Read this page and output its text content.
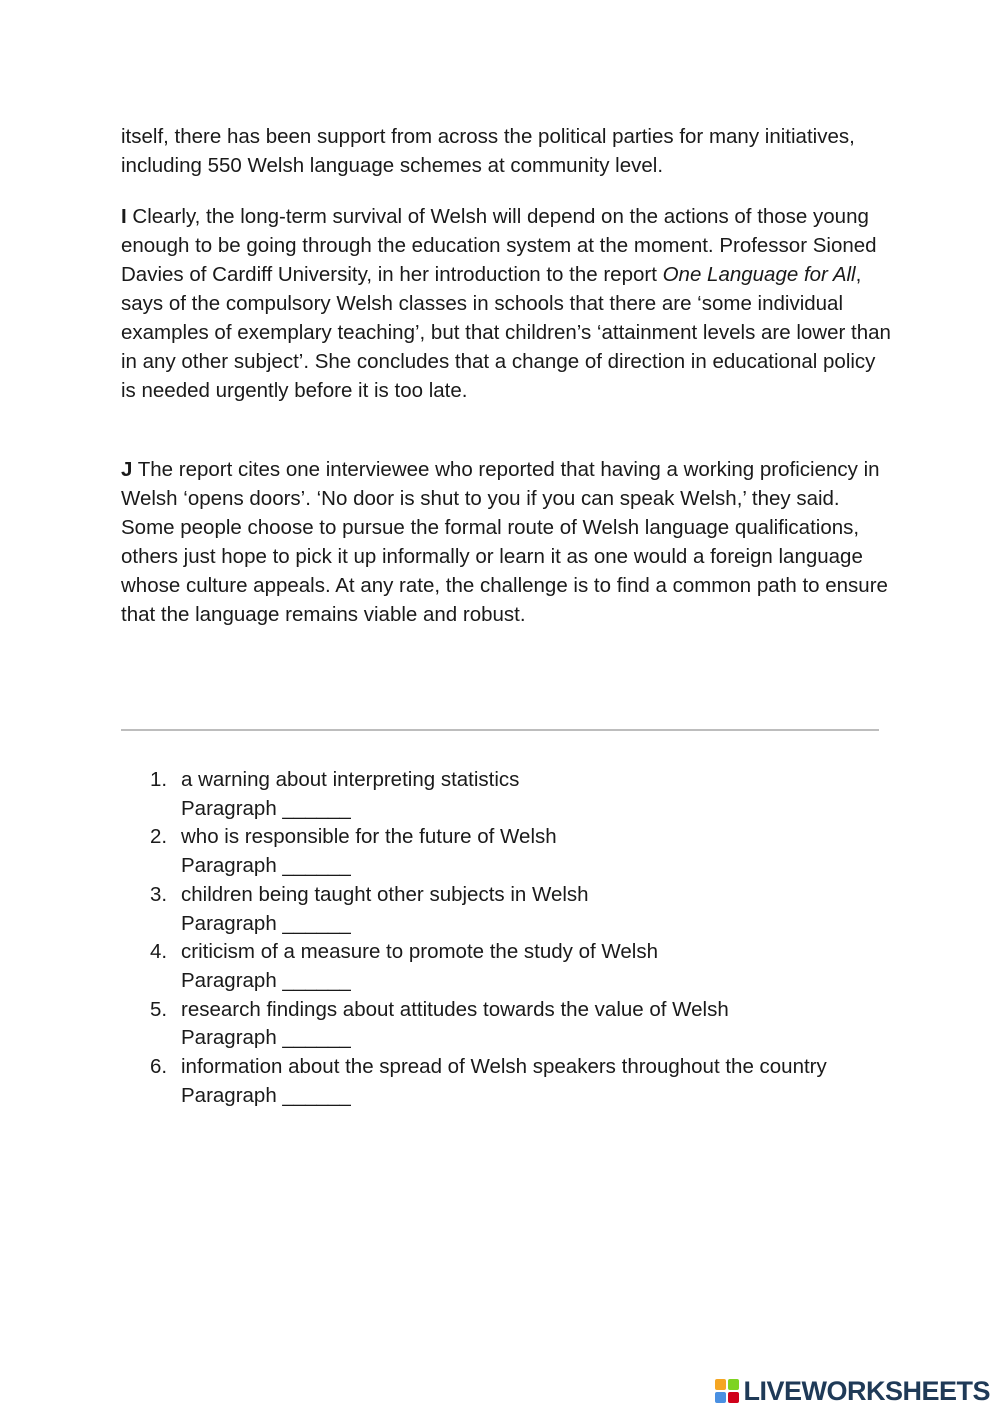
itself, there has been support from across the political parties for many initiatives, including 550 Welsh language schemes at community level.

I Clearly, the long-term survival of Welsh will depend on the actions of those young enough to be going through the education system at the moment. Professor Sioned Davies of Cardiff University, in her introduction to the report One Language for All, says of the compulsory Welsh classes in schools that there are ‘some individual examples of exemplary teaching’, but that children’s ‘attainment levels are lower than in any other subject’. She concludes that a change of direction in educational policy is needed urgently before it is too late.

J The report cites one interviewee who reported that having a working proficiency in Welsh ‘opens doors’. ‘No door is shut to you if you can speak Welsh,’ they said. Some people choose to pursue the formal route of Welsh language qualifications, others just hope to pick it up informally or learn it as one would a foreign language whose culture appeals. At any rate, the challenge is to find a common path to ensure that the language remains viable and robust.

1. a warning about interpreting statistics
Paragraph ______
2. who is responsible for the future of Welsh
Paragraph ______
3. children being taught other subjects in Welsh
Paragraph ______
4. criticism of a measure to promote the study of Welsh
Paragraph ______
5. research findings about attitudes towards the value of Welsh
Paragraph ______
6. information about the spread of Welsh speakers throughout the country
Paragraph ______
LIVEWORKSHEETS
